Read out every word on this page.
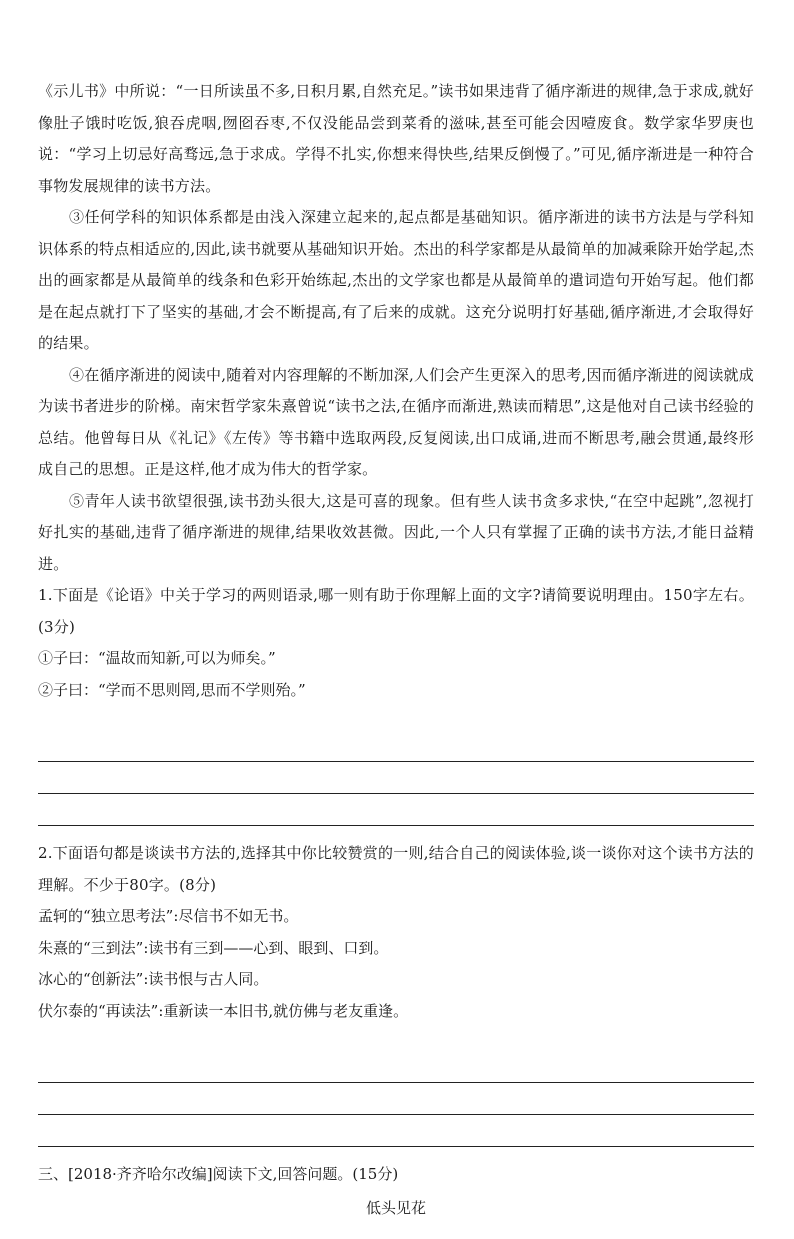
《示儿书》中所说：“一日所读虽不多,日积月累,自然充足。”读书如果违背了循序渐进的规律,急于求成,就好像肚子饿时吃饭,狼吞虎咽,囫囵吞枣,不仅没能品尝到菜肴的滋味,甚至可能会因噎废食。数学家华罗庚也说：“学习上切忌好高骛远,急于求成。学得不扎实,你想来得快些,结果反倒慢了。”可见,循序渐进是一种符合事物发展规律的读书方法。

③任何学科的知识体系都是由浅入深建立起来的,起点都是基础知识。循序渐进的读书方法是与学科知识体系的特点相适应的,因此,读书就要从基础知识开始。杰出的科学家都是从最简单的加减乘除开始学起,杰出的画家都是从最简单的线条和色彩开始练起,杰出的文学家也都是从最简单的遣词造句开始写起。他们都是在起点就打下了坚实的基础,才会不断提高,有了后来的成就。这充分说明打好基础,循序渐进,才会取得好的结果。

④在循序渐进的阅读中,随着对内容理解的不断加深,人们会产生更深入的思考,因而循序渐进的阅读就成为读书者进步的阶梯。南宋哲学家朱熹曾说“读书之法,在循序而渐进,熟读而精思”,这是他对自己读书经验的总结。他曾每日从《礼记》《左传》等书籍中选取两段,反复阅读,出口成诵,进而不断思考,融会贯通,最终形成自己的思想。正是这样,他才成为伟大的哲学家。

⑤青年人读书欲望很强,读书劲头很大,这是可喜的现象。但有些人读书贪多求快,“在空中起跳”,忽视打好扎实的基础,违背了循序渐进的规律,结果收效甚微。因此,一个人只有掌握了正确的读书方法,才能日益精进。

1.下面是《论语》中关于学习的两则语录,哪一则有助于你理解上面的文字?请简要说明理由。150字左右。(3分)

①子曰：“温故而知新,可以为师矣。”

②子曰：“学而不思则罔,思而不学则殆。”

2.下面语句都是谈读书方法的,选择其中你比较赞赏的一则,结合自己的阅读体验,谈一谈你对这个读书方法的理解。不少于80字。(8分)

孟轲的“独立思考法”:尽信书不如无书。

朱熹的“三到法”:读书有三到——心到、眼到、口到。

冰心的“创新法”:读书恨与古人同。

伏尔泰的“再读法”:重新读一本旧书,就仿佛与老友重逢。

三、[2018·齐齐哈尔改编]阅读下文,回答问题。(15分)

低头见花
